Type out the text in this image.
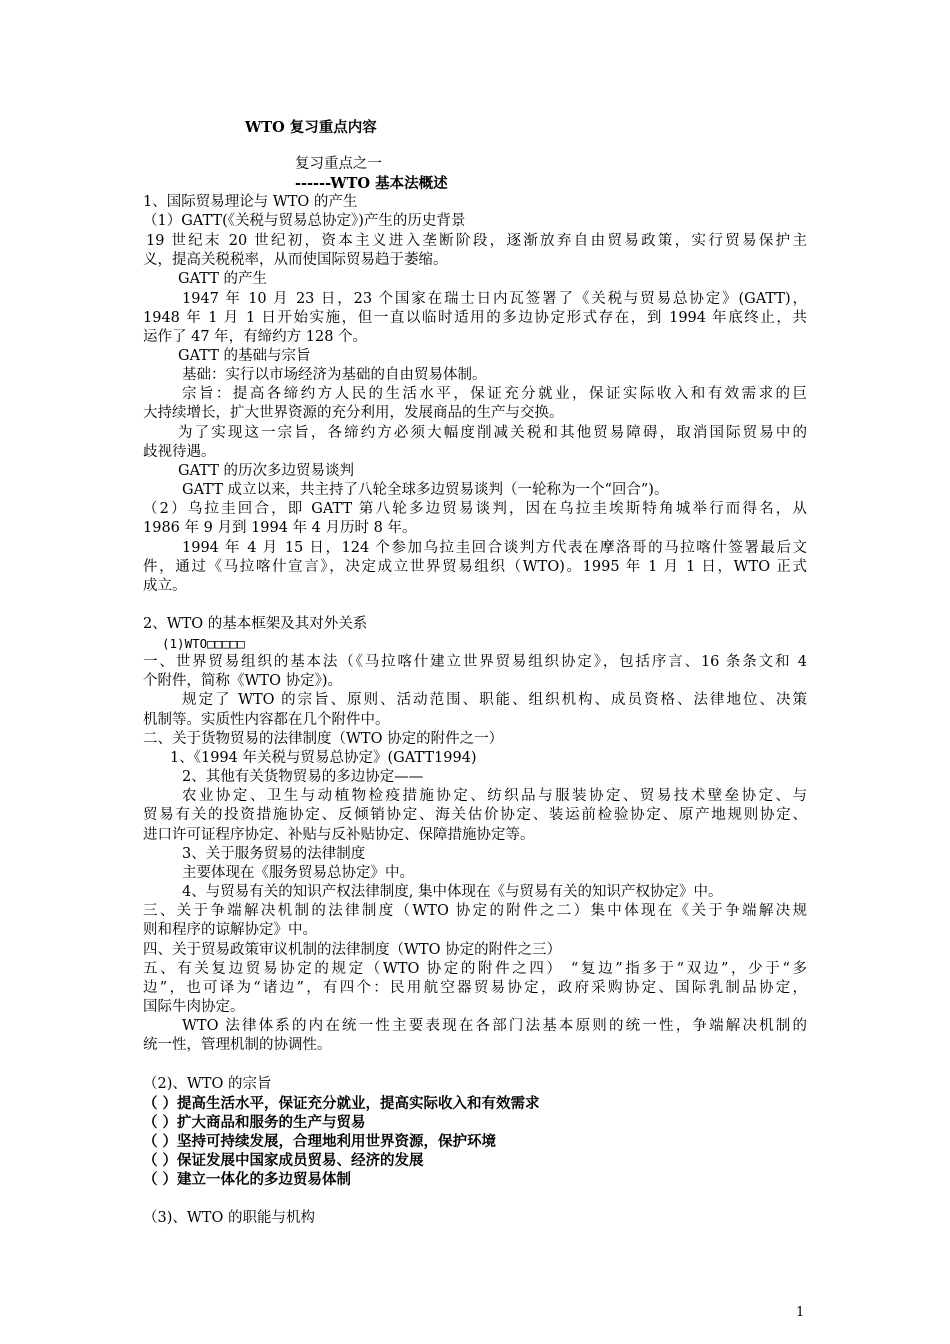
WTO 复习重点内容
复习重点之一
------WTO 基本法概述
1、国际贸易理论与 WTO 的产生
（1）GATT(《关税与贸易总协定》)产生的历史背景
19 世纪末 20 世纪初，资本主义进入垄断阶段，逐渐放弃自由贸易政策，实行贸易保护主
义，提高关税税率，从而使国际贸易趋于萎缩。
GATT 的产生
1947 年 10 月 23 日，23 个国家在瑞士日内瓦签署了《关税与贸易总协定》(GATT)，
1948 年 1 月 1 日开始实施，但一直以临时适用的多边协定形式存在，到 1994 年底终止，共
运作了 47 年，有缔约方 128 个。
GATT 的基础与宗旨
基础：实行以市场经济为基础的自由贸易体制。
宗旨：提高各缔约方人民的生活水平，保证充分就业，保证实际收入和有效需求的巨
大持续增长，扩大世界资源的充分利用，发展商品的生产与交换。
为了实现这一宗旨，各缔约方必须大幅度削减关税和其他贸易障碍，取消国际贸易中的
歧视待遇。
GATT 的历次多边贸易谈判
GATT 成立以来，共主持了八轮全球多边贸易谈判（一轮称为一个“回合”)。
（2）乌拉圭回合，即 GATT 第八轮多边贸易谈判，因在乌拉圭埃斯特角城举行而得名，从
1986 年 9 月到 1994 年 4 月历时 8 年。
1994 年 4 月 15 日，124 个参加乌拉圭回合谈判方代表在摩洛哥的马拉喀什签署最后文
件，通过《马拉喀什宣言》，决定成立世界贸易组织（WTO)。1995 年 1 月 1 日，WTO 正式
成立。
2、WTO 的基本框架及其对外关系
(1)WTO□□□□□
一、世界贸易组织的基本法（《马拉喀什建立世界贸易组织协定》，包括序言、16 条条文和 4
个附件，简称《WTO 协定》)。
规定了 WTO 的宗旨、原则、活动范围、职能、组织机构、成员资格、法律地位、决策
机制等。实质性内容都在几个附件中。
二、关于货物贸易的法律制度（WTO 协定的附件之一）
1、《1994 年关税与贸易总协定》(GATT1994)
2、其他有关货物贸易的多边协定——
农业协定、卫生与动植物检疫措施协定、纺织品与服装协定、贸易技术壁垒协定、与
贸易有关的投资措施协定、反倾销协定、海关估价协定、装运前检验协定、原产地规则协定、
进口许可证程序协定、补贴与反补贴协定、保障措施协定等。
3、关于服务贸易的法律制度
主要体现在《服务贸易总协定》中。
4、与贸易有关的知识产权法律制度, 集中体现在《与贸易有关的知识产权协定》中。
三、关于争端解决机制的法律制度（WTO 协定的附件之二）集中体现在《关于争端解决规
则和程序的谅解协定》中。
四、关于贸易政策审议机制的法律制度（WTO 协定的附件之三）
五、有关复边贸易协定的规定（WTO 协定的附件之四） “复边”指多于“双边”，少于“多
边”，也可译为“诸边”，有四个：民用航空器贸易协定，政府采购协定、国际乳制品协定，
国际牛肉协定。
WTO 法律体系的内在统一性主要表现在各部门法基本原则的统一性，争端解决机制的
统一性，管理机制的协调性。
（2)、WTO 的宗旨
（ ）提高生活水平，保证充分就业，提高实际收入和有效需求
（ ）扩大商品和服务的生产与贸易
（ ）坚持可持续发展，合理地利用世界资源，保护环境
（ ）保证发展中国家成员贸易、经济的发展
（ ）建立一体化的多边贸易体制
（3)、WTO 的职能与机构
1
